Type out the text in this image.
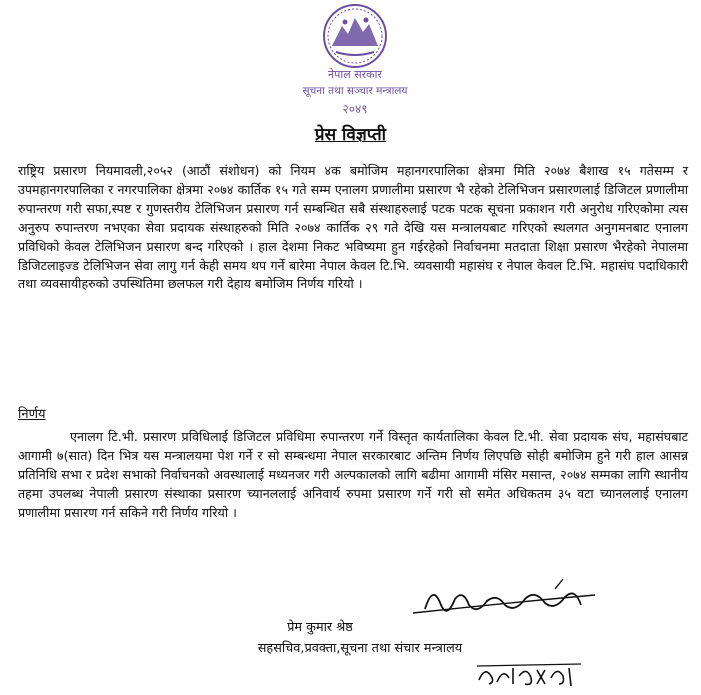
नेपाल सरकार
सूचना तथा सञ्चार मन्त्रालय
२०४९
प्रेस विज्ञप्ती

राष्ट्रिय प्रसारण नियमावली,२०५२ (आठौं संशोधन) को नियम ४क बमोजिम महानगरपालिका क्षेत्रमा मिति २०७४ बैशाख १५ गतेसम्म र उपमहानगरपालिका र नगरपालिका क्षेत्रमा २०७४ कार्तिक १५ गते सम्म एनालग प्रणालीमा प्रसारण भै रहेको टेलिभिजन प्रसारणलाई डिजिटल प्रणालीमा रुपान्तरण गरी सफा,स्पष्ट र गुणस्तरीय टेलिभिजन प्रसारण गर्न सम्बन्धित सबै संस्थाहरुलाई पटक पटक सूचना प्रकाशन गरी अनुरोध गरिएकोमा त्यस अनुरुप रुपान्तरण नभएका सेवा प्रदायक संस्थाहरुको मिति २०७४ कार्तिक २९ गते देखि यस मन्त्रालयबाट गरिएको स्थलगत अनुगमनबाट एनालग प्रविधिको केवल टेलिभिजन प्रसारण बन्द गरिएको । हाल देशमा निकट भविष्यमा हुन गईरहेको निर्वाचनमा मतदाता शिक्षा प्रसारण भैरहेको नेपालमा डिजिटलाइज्ड टेलिभिजन सेवा लागु गर्न केही समय थप गर्ने बारेमा नेपाल केवल टि.भि. व्यवसायी महासंघ र नेपाल केवल टि.भि. महासंघ पदाधिकारी तथा व्यवसायीहरुको उपस्थितिमा छलफल गरी देहाय बमोजिम निर्णय गरियो ।

निर्णय

एनालग टि.भी. प्रसारण प्रविधिलाई डिजिटल प्रविधिमा रुपान्तरण गर्ने विस्तृत कार्यतालिका केवल टि.भी. सेवा प्रदायक संघ, महासंघबाट आगामी ७(सात) दिन भित्र यस मन्त्रालयमा पेश गर्ने र सो सम्बन्धमा नेपाल सरकारबाट अन्तिम निर्णय लिएपछि सोही बमोजिम हुने गरी हाल आसन्न प्रतिनिधि सभा र प्रदेश सभाको निर्वाचनको अवस्थालाई मध्यनजर गरी अल्पकालको लागि बढीमा आगामी मंसिर मसान्त, २०७४ सम्मका लागि स्थानीय तहमा उपलब्ध नेपाली प्रसारण संस्थाका प्रसारण च्यानललाई अनिवार्य रुपमा प्रसारण गर्ने गरी सो समेत अधिकतम ३५ वटा च्यानललाई एनालग प्रणालीमा प्रसारण गर्न सकिने गरी निर्णय गरियो ।

प्रेम कुमार श्रेष्ठ
सहसचिव,प्रवक्ता,सूचना तथा संचार मन्त्रालय
